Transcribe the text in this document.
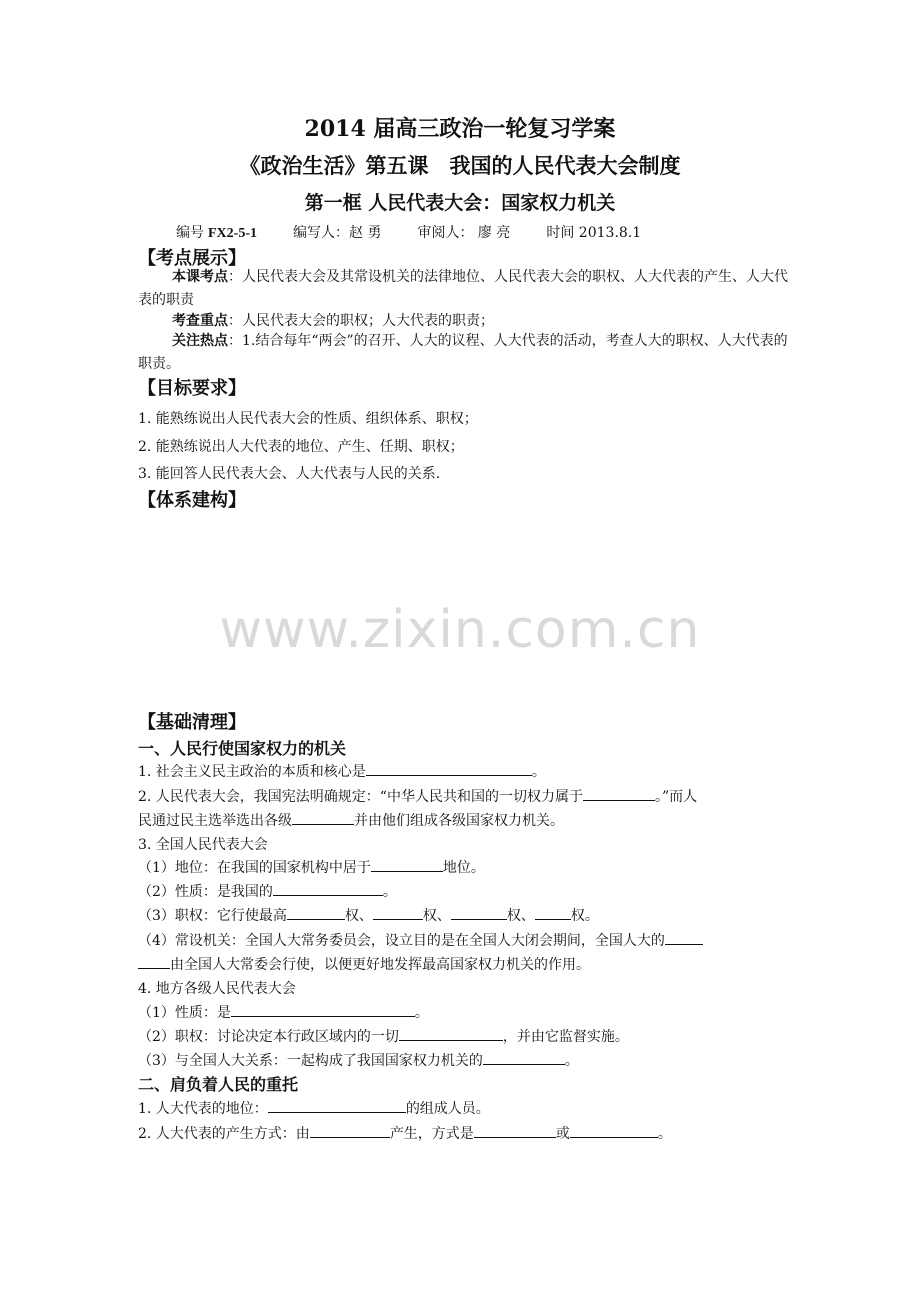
2014 届高三政治一轮复习学案
《政治生活》第五课　我国的人民代表大会制度
第一框 人民代表大会：国家权力机关
编号 FX2-5-1	编写人：赵 勇	审阅人： 廖 亮	时间 2013.8.1
【考点展示】
本课考点：人民代表大会及其常设机关的法律地位、人民代表大会的职权、人大代表的产生、人大代表的职责
考查重点：人民代表大会的职权；人大代表的职责；
关注热点：1.结合每年“两会”的召开、人大的议程、人大代表的活动，考查人大的职权、人大代表的职责。
【目标要求】
1. 能熟练说出人民代表大会的性质、组织体系、职权；
2. 能熟练说出人大代表的地位、产生、任期、职权；
3. 能回答人民代表大会、人大代表与人民的关系.
【体系建构】
www.zixin.com.cn
【基础清理】
一、人民行使国家权力的机关
1. 社会主义民主政治的本质和核心是	。
2. 人民代表大会，我国宪法明确规定：“中华人民共和国的一切权力属于	。”而人
民通过民主选举选出各级	并由他们组成各级国家权力机关。
3. 全国人民代表大会
（1）地位：在我国的国家机构中居于	地位。
（2）性质：是我国的	。
（3）职权：它行使最高	权、	权、	权、	权。
（4）常设机关：全国人大常务委员会，设立目的是在全国人大闭会期间，全国人大的
由全国人大常委会行使，以便更好地发挥最高国家权力机关的作用。
4. 地方各级人民代表大会
（1）性质：是	。
（2）职权：讨论决定本行政区域内的一切	，并由它监督实施。
（3）与全国人大关系：一起构成了我国国家权力机关的	。
二、肩负着人民的重托
1. 人大代表的地位：	的组成人员。
2. 人大代表的产生方式：由	产生，方式是	或	。
